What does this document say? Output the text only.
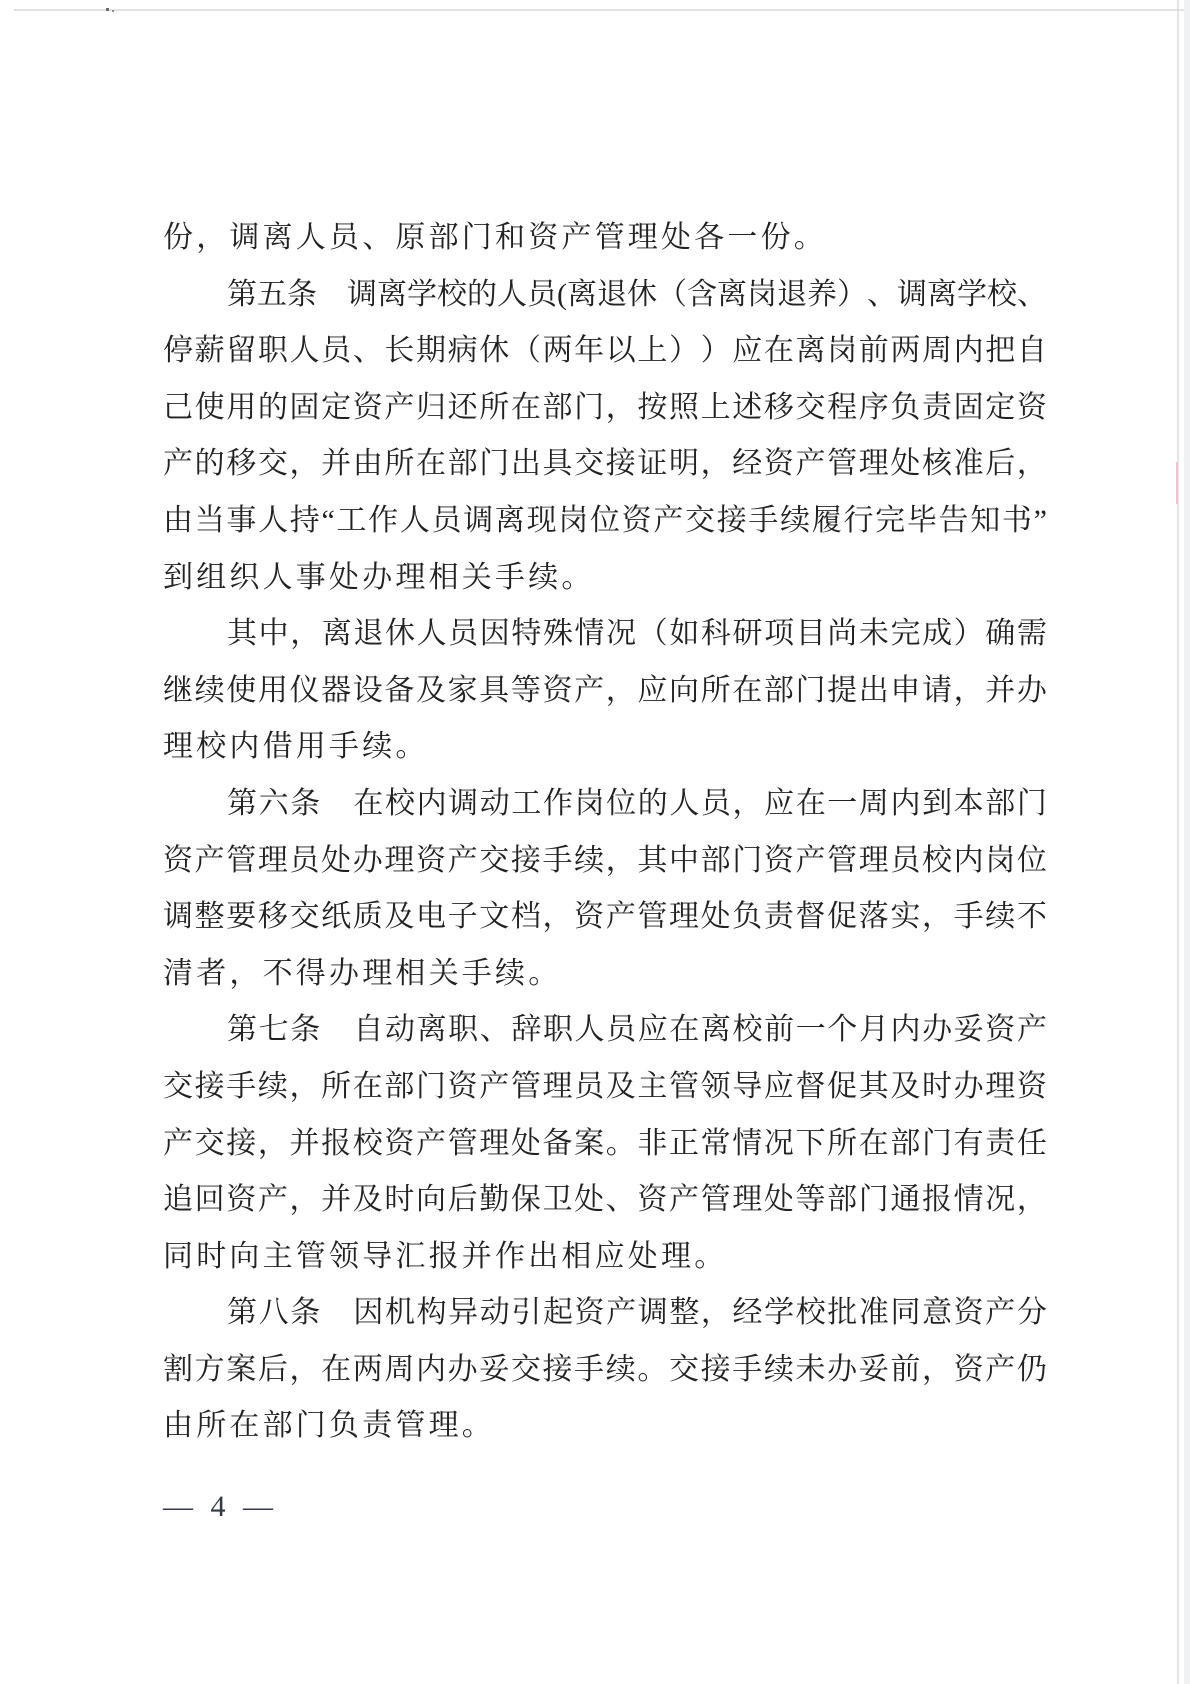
份，调离人员、原部门和资产管理处各一份。
第 五 条
　 调 离 学 校 的 人 员 ( 离 退 休 （ 含 离 岗 退 养 ） 、 调 离 学 校 、
停 薪 留 职 人 员 、 长 期 病 休 （ 两 年 以 上 ） ） 应 在 离 岗 前 两 周 内 把 自
己 使 用 的 固 定 资 产 归 还 所 在 部 门 ， 按 照 上 述 移 交 程 序 负 责 固 定 资
产 的 移 交 ， 并 由 所 在 部 门 出 具 交 接 证 明 ， 经 资 产 管 理 处 核 准 后 ，
由 当 事 人 持 “ 工 作 人 员 调 离 现 岗 位 资 产 交 接 手 续 履 行 完 毕 告 知 书 ”
到组织人事处办理相关手续。
其 中 ， 离 退 休 人 员 因 特 殊 情 况 （ 如 科 研 项 目 尚 未 完 成 ） 确 需
继 续 使 用 仪 器 设 备 及 家 具 等 资 产 ， 应 向 所 在 部 门 提 出 申 请 ， 并 办
理校内借用手续。
第 六 条
　 在 校 内 调 动 工 作 岗 位 的 人 员 ， 应 在 一 周 内 到 本 部 门
资 产 管 理 员 处 办 理 资 产 交 接 手 续 ， 其 中 部 门 资 产 管 理 员 校 内 岗 位
调 整 要 移 交 纸 质 及 电 子 文 档 ， 资 产 管 理 处 负 责 督 促 落 实 ， 手 续 不
清者，不得办理相关手续。
第 七 条
　 自 动 离 职 、 辞 职 人 员 应 在 离 校 前 一 个 月 内 办 妥 资 产
交 接 手 续 ， 所 在 部 门 资 产 管 理 员 及 主 管 领 导 应 督 促 其 及 时 办 理 资
产 交 接 ， 并 报 校 资 产 管 理 处 备 案 。 非 正 常 情 况 下 所 在 部 门 有 责 任
追 回 资 产 ， 并 及 时 向 后 勤 保 卫 处 、 资 产 管 理 处 等 部 门 通 报 情 况 ，
同时向主管领导汇报并作出相应处理。
第 八 条
　 因 机 构 异 动 引 起 资 产 调 整 ， 经 学 校 批 准 同 意 资 产 分
割 方 案 后 ， 在 两 周 内 办 妥 交 接 手 续 。 交 接 手 续 未 办 妥 前 ， 资 产 仍
由所在部门负责管理。
— 4 —
